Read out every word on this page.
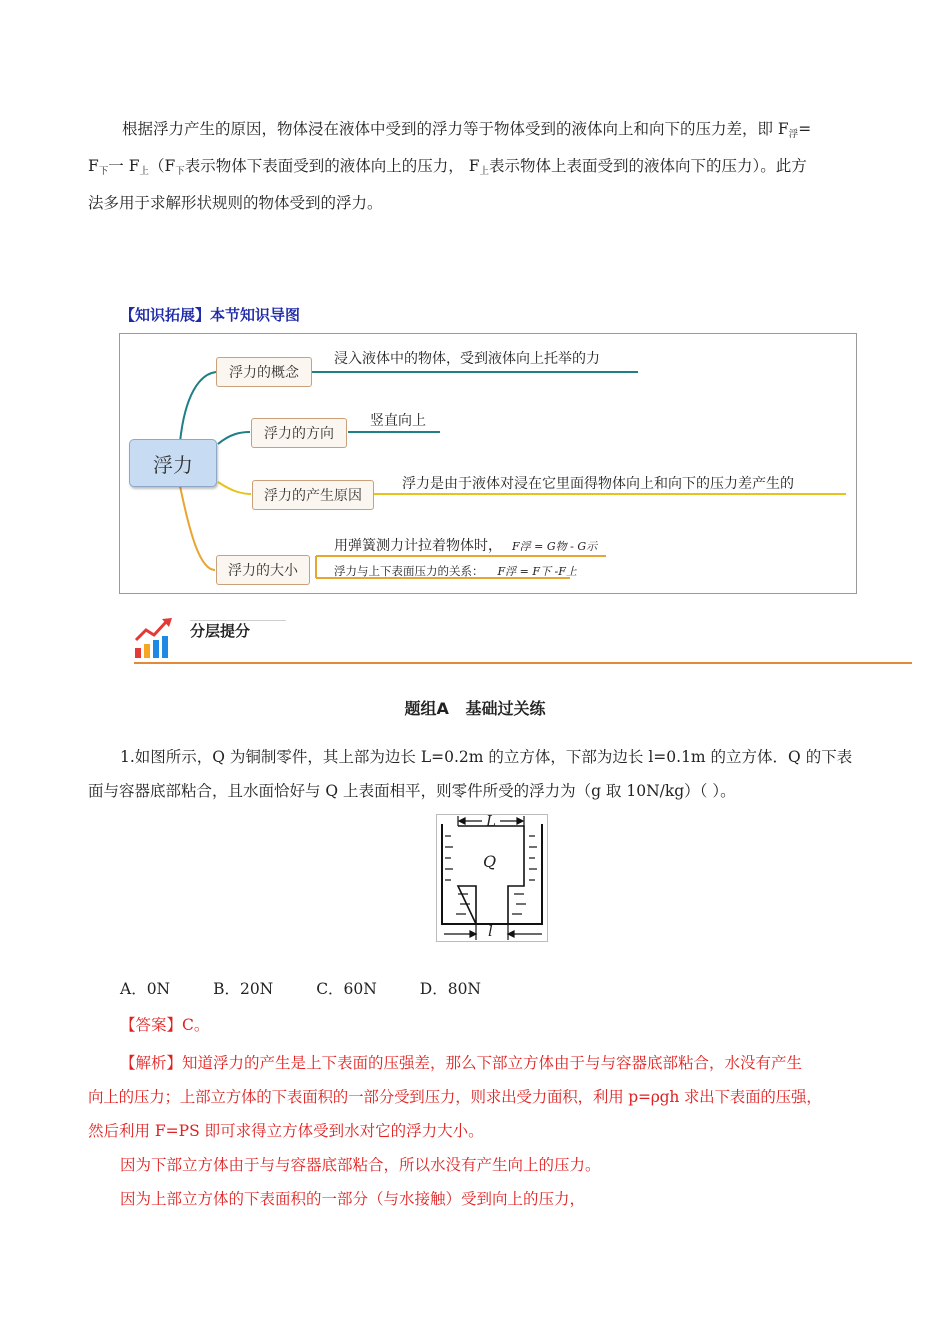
根据浮力产生的原因，物体浸在液体中受到的浮力等于物体受到的液体向上和向下的压力差，即 F浮=
F下一 F上（F下表示物体下表面受到的液体向上的压力， F上表示物体上表面受到的液体向下的压力）。此方
法多用于求解形状规则的物体受到的浮力。
【知识拓展】本节知识导图
浮力
浮力的概念
浸入液体中的物体，受到液体向上托举的力
浮力的方向
竖直向上
浮力的产生原因
浮力是由于液体对浸在它里面得物体向上和向下的压力差产生的
浮力的大小
用弹簧测力计拉着物体时， F浮 = G物 - G示
浮力与上下表面压力的关系： F浮 = F下 -F上
分层提分
题组A   基础过关练
1.如图所示，Q 为铜制零件，其上部为边长 L=0.2m 的立方体，下部为边长 l=0.1m 的立方体．Q 的下表
面与容器底部粘合，且水面恰好与 Q 上表面相平，则零件所受的浮力为（g 取 10N/kg）（ ）。
L
Q
l
A．0N	B．20N	C．60N	D．80N
【答案】C。
【解析】知道浮力的产生是上下表面的压强差，那么下部立方体由于与与容器底部粘合，水没有产生
向上的压力；上部立方体的下表面积的一部分受到压力，则求出受力面积，利用 p=ρgh 求出下表面的压强，
然后利用 F=PS 即可求得立方体受到水对它的浮力大小。
因为下部立方体由于与与容器底部粘合，所以水没有产生向上的压力。
因为上部立方体的下表面积的一部分（与水接触）受到向上的压力，
